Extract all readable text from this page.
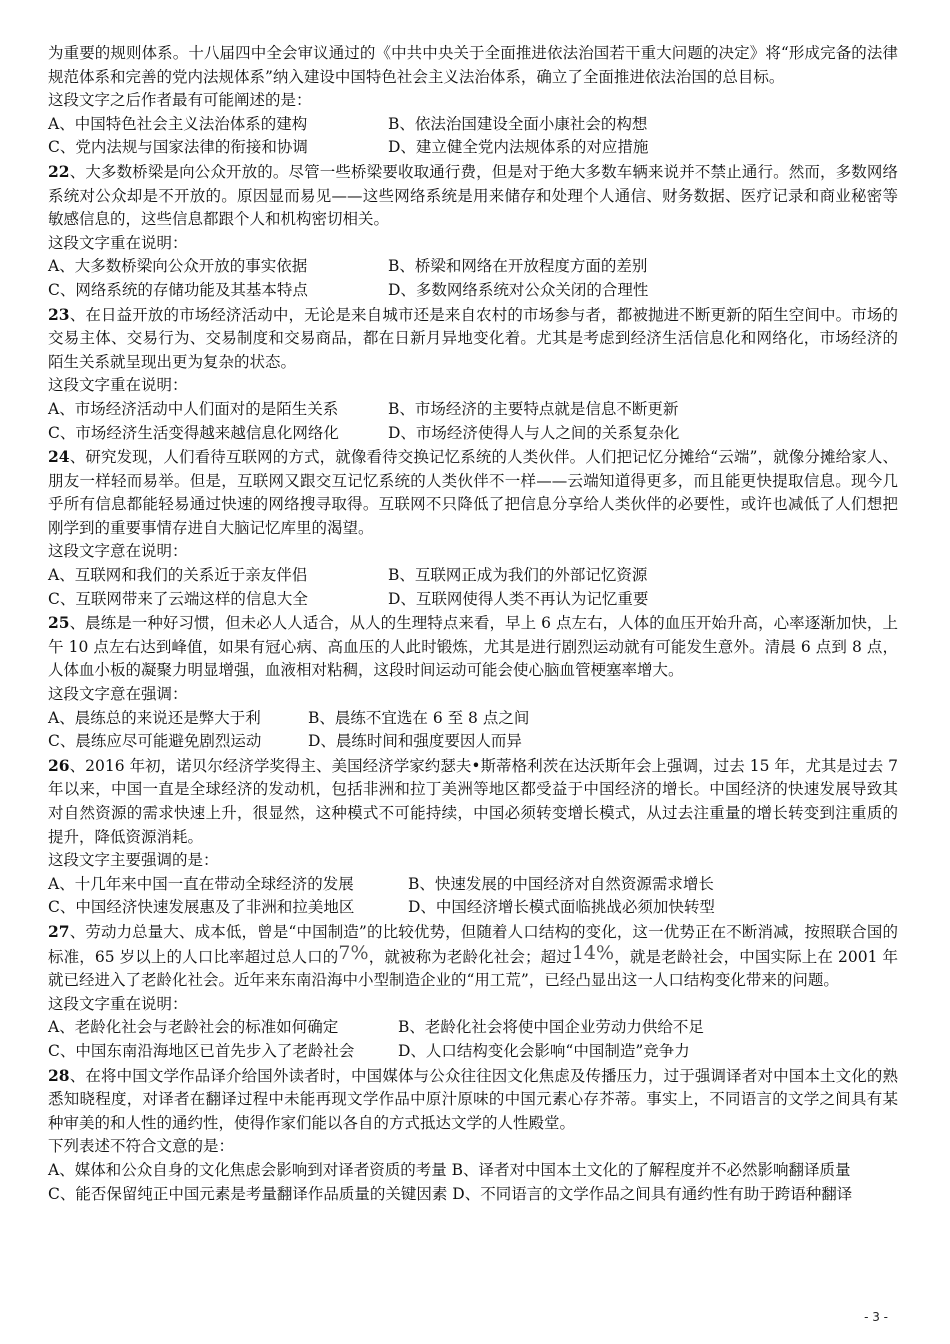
为重要的规则体系。十八届四中全会审议通过的《中共中央关于全面推进依法治国若干重大问题的决定》将“形成完备的法律规范体系和完善的党内法规体系”纳入建设中国特色社会主义法治体系，确立了全面推进依法治国的总目标。

这段文字之后作者最有可能阐述的是：

A、中国特色社会主义法治体系的建构	B、依法治国建设全面小康社会的构想
C、党内法规与国家法律的衔接和协调	D、建立健全党内法规体系的对应措施

22、大多数桥梁是向公众开放的。尽管一些桥梁要收取通行费，但是对于绝大多数车辆来说并不禁止通行。然而，多数网络系统对公众却是不开放的。原因显而易见——这些网络系统是用来储存和处理个人通信、财务数据、医疗记录和商业秘密等敏感信息的，这些信息都跟个人和机构密切相关。

这段文字重在说明：

A、大多数桥梁向公众开放的事实依据	B、桥梁和网络在开放程度方面的差别
C、网络系统的存储功能及其基本特点	D、多数网络系统对公众关闭的合理性

23、在日益开放的市场经济活动中，无论是来自城市还是来自农村的市场参与者，都被抛进不断更新的陌生空间中。市场的交易主体、交易行为、交易制度和交易商品，都在日新月异地变化着。尤其是考虑到经济生活信息化和网络化，市场经济的陌生关系就呈现出更为复杂的状态。

这段文字重在说明：

A、市场经济活动中人们面对的是陌生关系	B、市场经济的主要特点就是信息不断更新
C、市场经济生活变得越来越信息化网络化	D、市场经济使得人与人之间的关系复杂化

24、研究发现，人们看待互联网的方式，就像看待交换记忆系统的人类伙伴。人们把记忆分摊给“云端”，就像分摊给家人、朋友一样轻而易举。但是，互联网又跟交互记忆系统的人类伙伴不一样——云端知道得更多，而且能更快提取信息。现今几乎所有信息都能轻易通过快速的网络搜寻取得。互联网不只降低了把信息分享给人类伙伴的必要性，或许也减低了人们想把刚学到的重要事情存进自大脑记忆库里的渴望。

这段文字意在说明：

A、互联网和我们的关系近于亲友伴侣	B、互联网正成为我们的外部记忆资源
C、互联网带来了云端这样的信息大全	D、互联网使得人类不再认为记忆重要

25、晨练是一种好习惯，但未必人人适合，从人的生理特点来看，早上 6 点左右，人体的血压开始升高，心率逐渐加快，上午 10 点左右达到峰值，如果有冠心病、高血压的人此时锻炼，尤其是进行剧烈运动就有可能发生意外。清晨 6 点到 8 点，人体血小板的凝聚力明显增强，血液相对粘稠，这段时间运动可能会使心脑血管梗塞率增大。

这段文字意在强调：

A、晨练总的来说还是弊大于利	B、晨练不宜选在 6 至 8 点之间
C、晨练应尽可能避免剧烈运动	D、晨练时间和强度要因人而异

26、2016 年初，诺贝尔经济学奖得主、美国经济学家约瑟夫•斯蒂格利茨在达沃斯年会上强调，过去 15 年，尤其是过去 7 年以来，中国一直是全球经济的发动机，包括非洲和拉丁美洲等地区都受益于中国经济的增长。中国经济的快速发展导致其对自然资源的需求快速上升，很显然，这种模式不可能持续，中国必须转变增长模式，从过去注重量的增长转变到注重质的提升，降低资源消耗。

这段文字主要强调的是：

A、十几年来中国一直在带动全球经济的发展	B、快速发展的中国经济对自然资源需求增长
C、中国经济快速发展惠及了非洲和拉美地区	D、中国经济增长模式面临挑战必须加快转型

27、劳动力总量大、成本低，曾是“中国制造”的比较优势，但随着人口结构的变化，这一优势正在不断消减，按照联合国的标准，65 岁以上的人口比率超过总人口的7%，就被称为老龄化社会；超过14%，就是老龄社会，中国实际上在 2001 年就已经进入了老龄化社会。近年来东南沿海中小型制造企业的“用工荒”，已经凸显出这一人口结构变化带来的问题。

这段文字重在说明：

A、老龄化社会与老龄社会的标准如何确定	B、老龄化社会将使中国企业劳动力供给不足
C、中国东南沿海地区已首先步入了老龄社会	D、人口结构变化会影响“中国制造”竞争力

28、在将中国文学作品译介给国外读者时，中国媒体与公众往往因文化焦虑及传播压力，过于强调译者对中国本土文化的熟悉知晓程度，对译者在翻译过程中未能再现文学作品中原汁原味的中国元素心存芥蒂。事实上，不同语言的文学之间具有某种审美的和人性的通约性，使得作家们能以各自的方式抵达文学的人性殿堂。

下列表述不符合文意的是：

A、媒体和公众自身的文化焦虑会影响到对译者资质的考量 B、译者对中国本土文化的了解程度并不必然影响翻译质量

C、能否保留纯正中国元素是考量翻译作品质量的关键因素 D、不同语言的文学作品之间具有通约性有助于跨语种翻译

- 3 -
